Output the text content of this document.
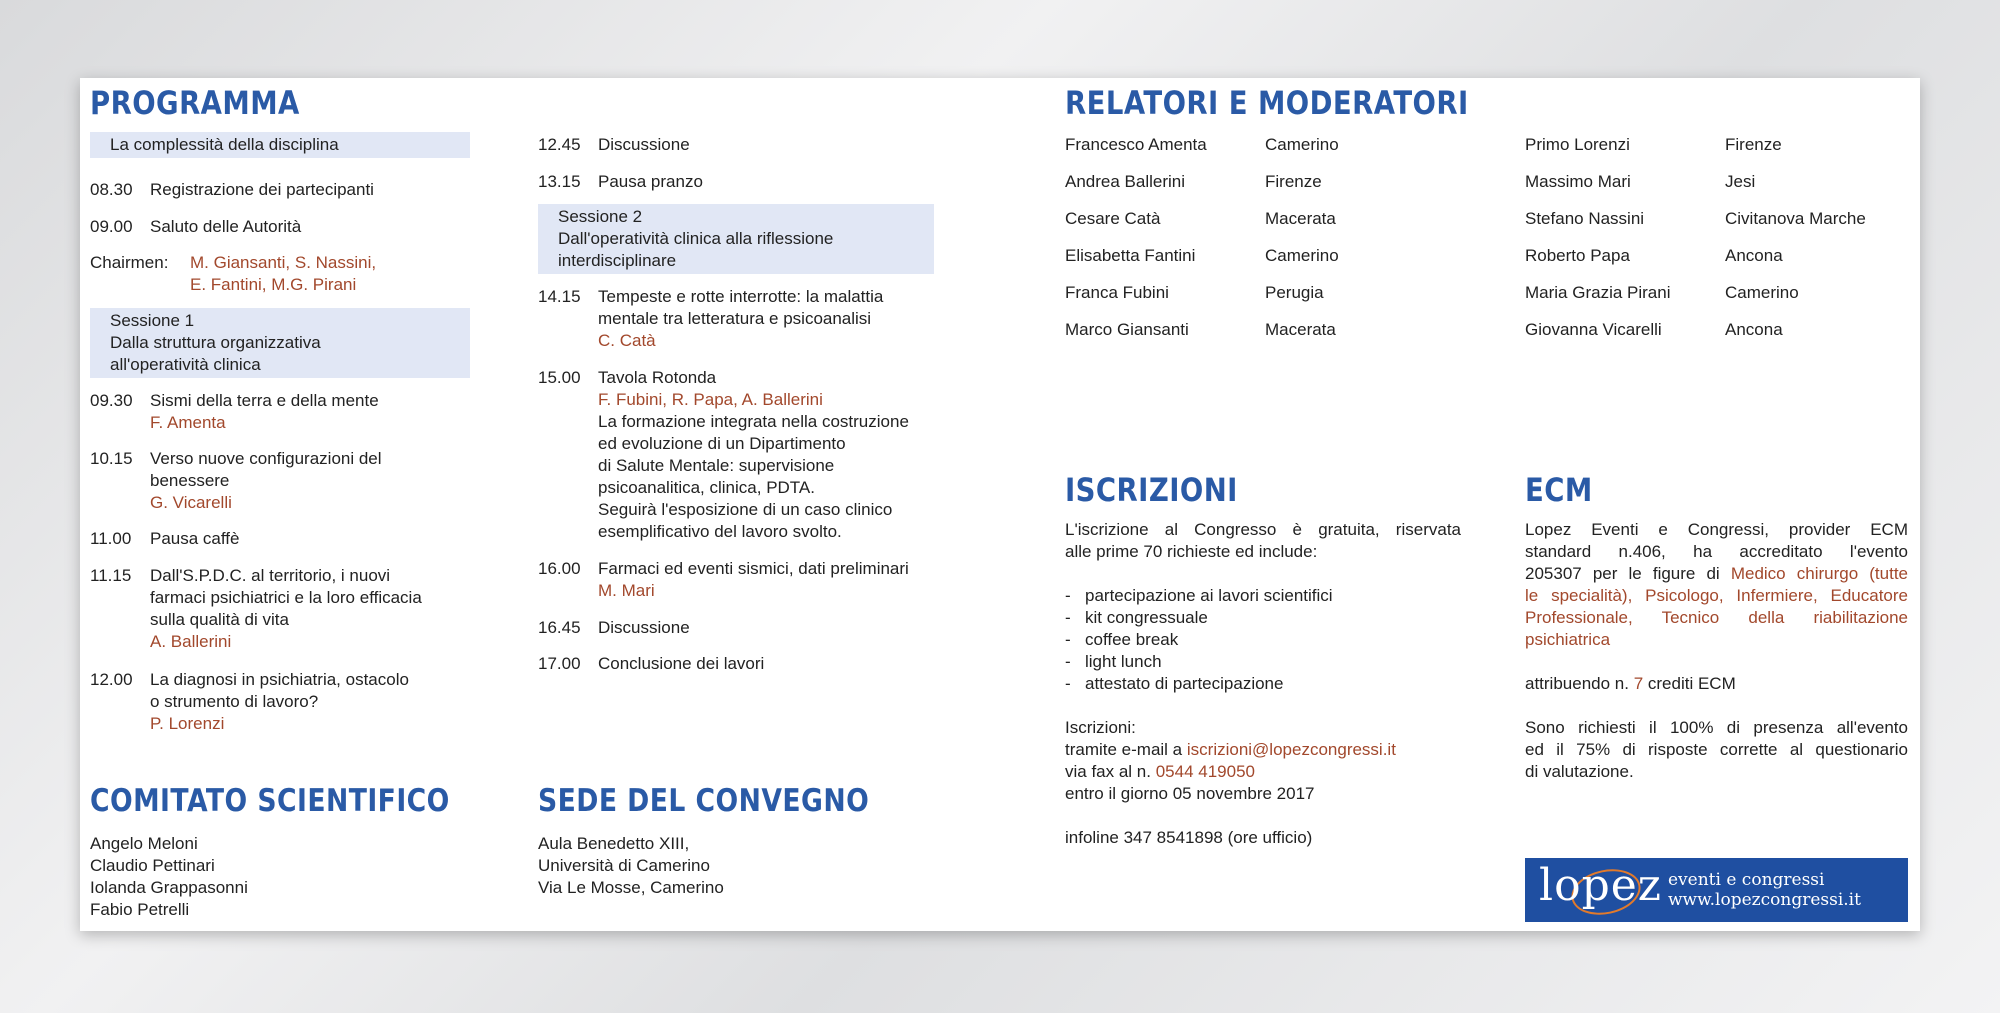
PROGRAMMA
La complessità della disciplina
08.30 Registrazione dei partecipanti
09.00 Saluto delle Autorità
Chairmen: M. Giansanti, S. Nassini,
E. Fantini, M.G. Pirani
Sessione 1
Dalla struttura organizzativa
all'operatività clinica
09.30 Sismi della terra e della mente
F. Amenta
10.15 Verso nuove configurazioni del
benessere
G. Vicarelli
11.00 Pausa caffè
11.15 Dall'S.P.D.C. al territorio, i nuovi
farmaci psichiatrici e la loro efficacia
sulla qualità di vita
A. Ballerini
12.00 La diagnosi in psichiatria, ostacolo
o strumento di lavoro?
P. Lorenzi
COMITATO SCIENTIFICO
Angelo Meloni
Claudio Pettinari
Iolanda Grappasonni
Fabio Petrelli
12.45 Discussione
13.15 Pausa pranzo
Sessione 2
Dall'operatività clinica alla riflessione
interdisciplinare
14.15 Tempeste e rotte interrotte: la malattia
mentale tra letteratura e psicoanalisi
C. Catà
15.00 Tavola Rotonda
F. Fubini, R. Papa, A. Ballerini
La formazione integrata nella costruzione
ed evoluzione di un Dipartimento
di Salute Mentale: supervisione
psicoanalitica, clinica, PDTA.
Seguirà l'esposizione di un caso clinico
esemplificativo del lavoro svolto.
16.00 Farmaci ed eventi sismici, dati preliminari
M. Mari
16.45 Discussione
17.00 Conclusione dei lavori
SEDE DEL CONVEGNO
Aula Benedetto XIII,
Università di Camerino
Via Le Mosse, Camerino
RELATORI E MODERATORI
Francesco Amenta	Camerino
Andrea Ballerini	Firenze
Cesare Catà	Macerata
Elisabetta Fantini	Camerino
Franca Fubini	Perugia
Marco Giansanti	Macerata
Primo Lorenzi	Firenze
Massimo Mari	Jesi
Stefano Nassini	Civitanova Marche
Roberto Papa	Ancona
Maria Grazia Pirani	Camerino
Giovanna Vicarelli	Ancona
ISCRIZIONI
L'iscrizione al Congresso è gratuita, riservata
alle prime 70 richieste ed include:
- partecipazione ai lavori scientifici
- kit congressuale
- coffee break
- light lunch
- attestato di partecipazione
Iscrizioni:
tramite e-mail a iscrizioni@lopezcongressi.it
via fax al n. 0544 419050
entro il giorno 05 novembre 2017
infoline 347 8541898 (ore ufficio)
ECM
Lopez Eventi e Congressi, provider ECM
standard n.406, ha accreditato l'evento
205307 per le figure di Medico chirurgo (tutte
le specialità), Psicologo, Infermiere, Educatore
Professionale, Tecnico della riabilitazione
psichiatrica
attribuendo n. 7 crediti ECM
Sono richiesti il 100% di presenza all'evento
ed il 75% di risposte corrette al questionario
di valutazione.
lopez eventi e congressi
www.lopezcongressi.it
